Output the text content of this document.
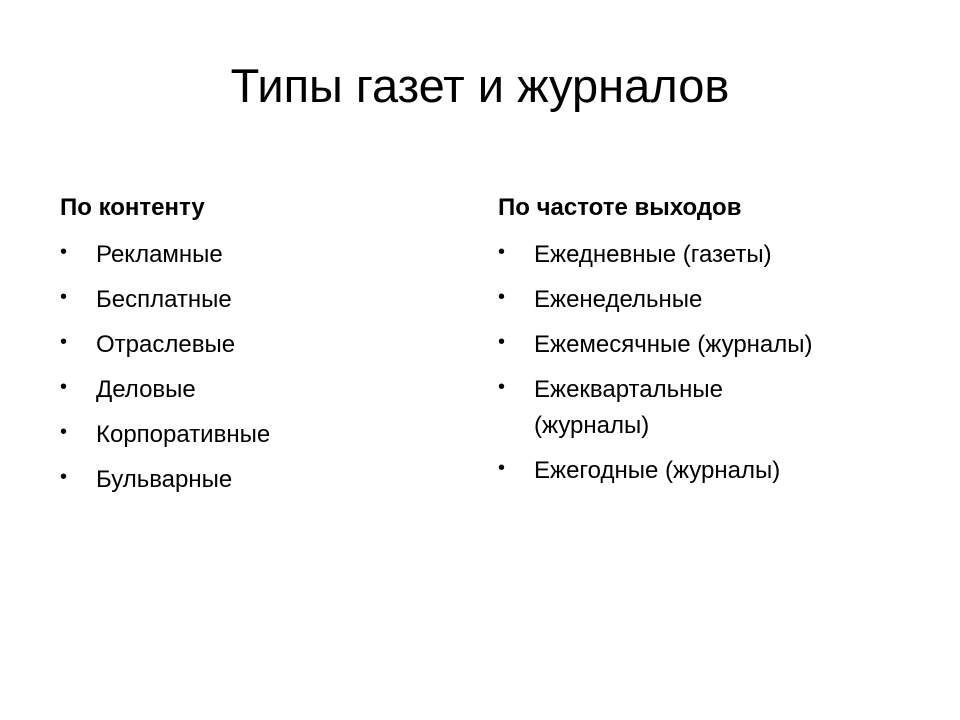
Типы газет и журналов
По контенту
•	Рекламные
•	Бесплатные
•	Отраслевые
•	Деловые
•	Корпоративные
•	Бульварные
По частоте выходов
•	Ежедневные (газеты)
•	Еженедельные
•	Ежемесячные (журналы)
•	Ежеквартальные (журналы)
•	Ежегодные (журналы)
